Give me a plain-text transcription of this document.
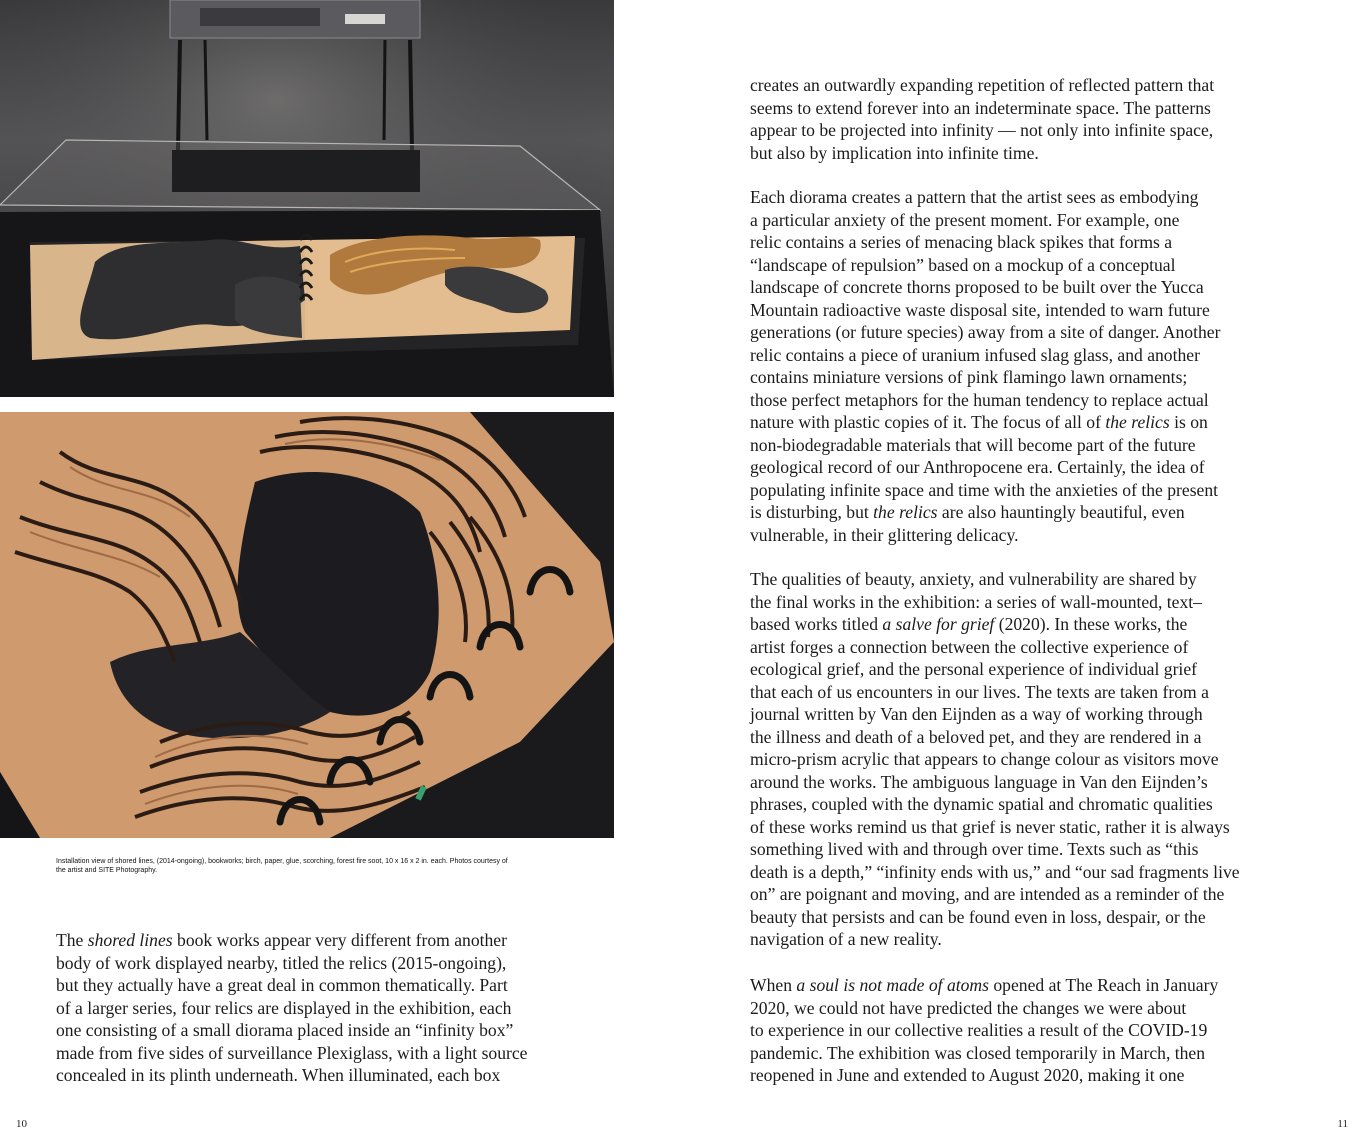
Installation view of shored lines, (2014-ongoing), bookworks; birch, paper, glue, scorching, forest fire soot, 10 x 16 x 2 in. each. Photos courtesy of
the artist and SITE Photography.

The shored lines book works appear very different from another
body of work displayed nearby, titled the relics (2015-ongoing),
but they actually have a great deal in common thematically. Part
of a larger series, four relics are displayed in the exhibition, each
one consisting of a small diorama placed inside an “infinity box”
made from five sides of surveillance Plexiglass, with a light source
concealed in its plinth underneath. When illuminated, each box

creates an outwardly expanding repetition of reflected pattern that
seems to extend forever into an indeterminate space. The patterns
appear to be projected into infinity — not only into infinite space,
but also by implication into infinite time.

Each diorama creates a pattern that the artist sees as embodying
a particular anxiety of the present moment. For example, one
relic contains a series of menacing black spikes that forms a
“landscape of repulsion” based on a mockup of a conceptual
landscape of concrete thorns proposed to be built over the Yucca
Mountain radioactive waste disposal site, intended to warn future
generations (or future species) away from a site of danger. Another
relic contains a piece of uranium infused slag glass, and another
contains miniature versions of pink flamingo lawn ornaments;
those perfect metaphors for the human tendency to replace actual
nature with plastic copies of it. The focus of all of the relics is on
non-biodegradable materials that will become part of the future
geological record of our Anthropocene era. Certainly, the idea of
populating infinite space and time with the anxieties of the present
is disturbing, but the relics are also hauntingly beautiful, even
vulnerable, in their glittering delicacy.

The qualities of beauty, anxiety, and vulnerability are shared by
the final works in the exhibition: a series of wall-mounted, text–
based works titled a salve for grief (2020). In these works, the
artist forges a connection between the collective experience of
ecological grief, and the personal experience of individual grief
that each of us encounters in our lives. The texts are taken from a
journal written by Van den Eijnden as a way of working through
the illness and death of a beloved pet, and they are rendered in a
micro-prism acrylic that appears to change colour as visitors move
around the works. The ambiguous language in Van den Eijnden’s
phrases, coupled with the dynamic spatial and chromatic qualities
of these works remind us that grief is never static, rather it is always
something lived with and through over time. Texts such as “this
death is a depth,” “infinity ends with us,” and “our sad fragments live
on” are poignant and moving, and are intended as a reminder of the
beauty that persists and can be found even in loss, despair, or the
navigation of a new reality.

When a soul is not made of atoms opened at The Reach in January
2020, we could not have predicted the changes we were about
to experience in our collective realities a result of the COVID-19
pandemic. The exhibition was closed temporarily in March, then
reopened in June and extended to August 2020, making it one

10	11
